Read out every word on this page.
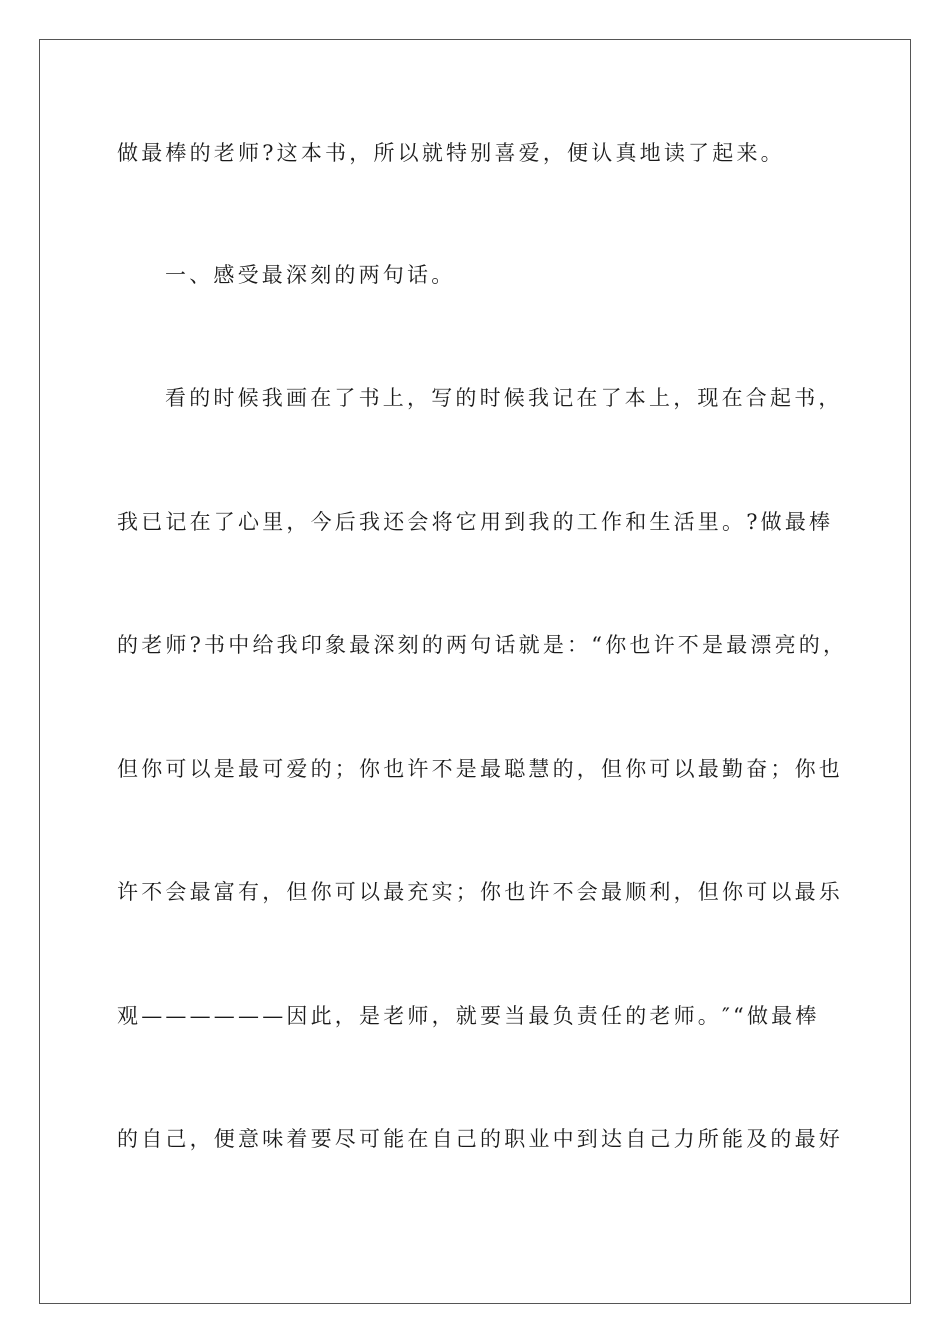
做最棒的老师?这本书，所以就特别喜爱，便认真地读了起来。
一、感受最深刻的两句话。
看的时候我画在了书上，写的时候我记在了本上，现在合起书，
我已记在了心里，今后我还会将它用到我的工作和生活里。?做最棒
的老师?书中给我印象最深刻的两句话就是：“你也许不是最漂亮的，
但你可以是最可爱的；你也许不是最聪慧的，但你可以最勤奋；你也
许不会最富有，但你可以最充实；你也许不会最顺利，但你可以最乐
观——————因此，是老师，就要当最负责任的老师。″“做最棒
的自己，便意味着要尽可能在自己的职业中到达自己力所能及的最好
